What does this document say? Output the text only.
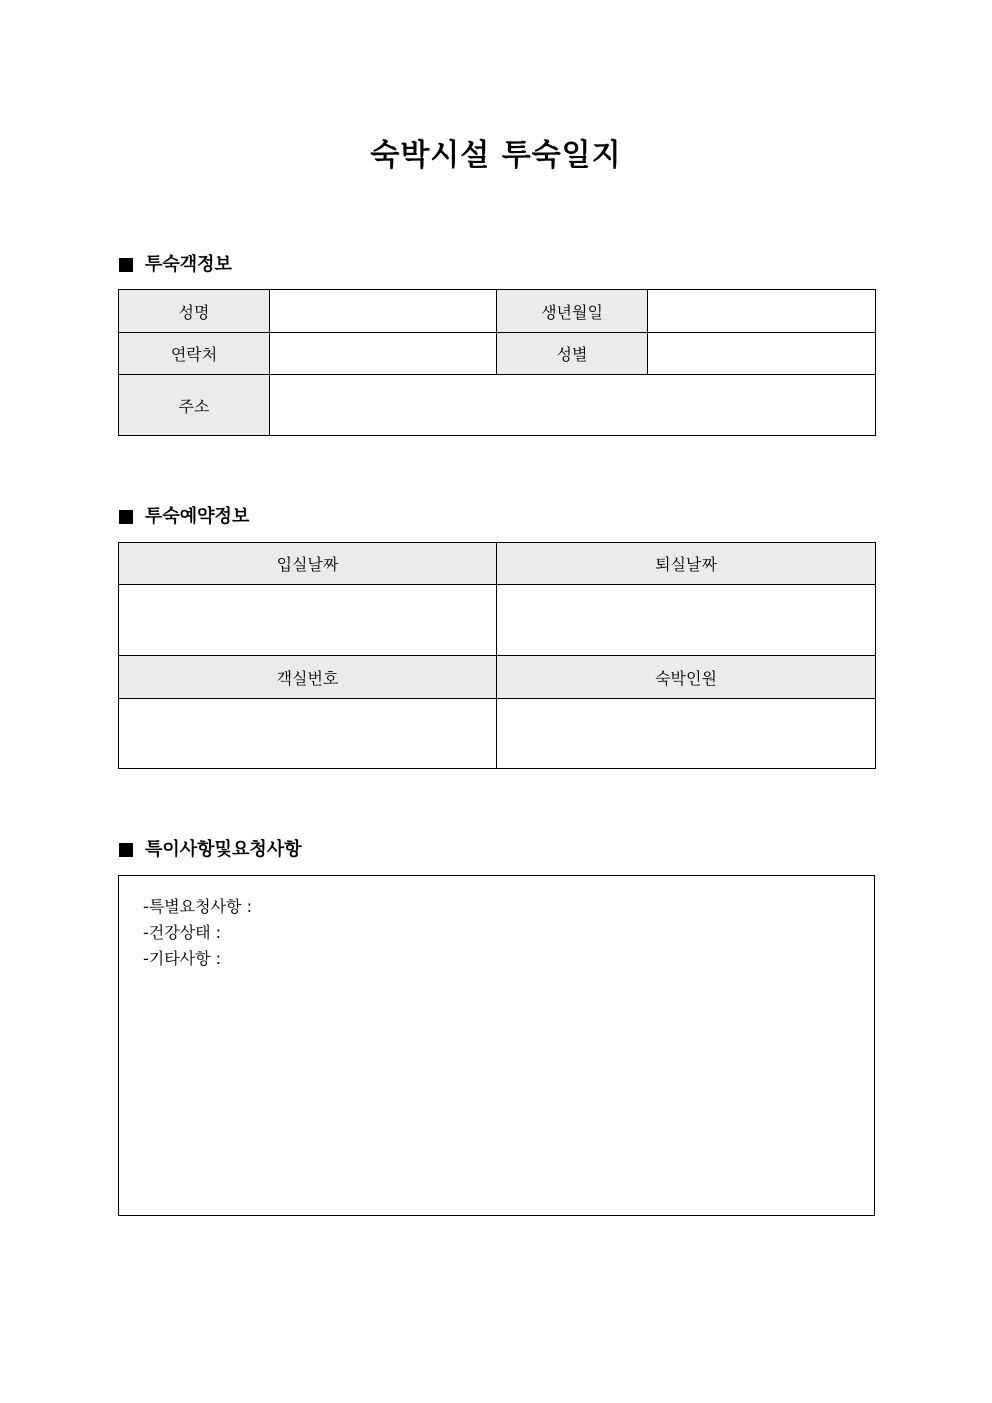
숙박시설 투숙일지
투숙객정보
성명		생년월일	
연락처		성별	
주소			
투숙예약정보
입실날짜	퇴실날짜

객실번호	숙박인원

특이사항및요청사항
-특별요청사항 :
-건강상태 :
-기타사항 :
